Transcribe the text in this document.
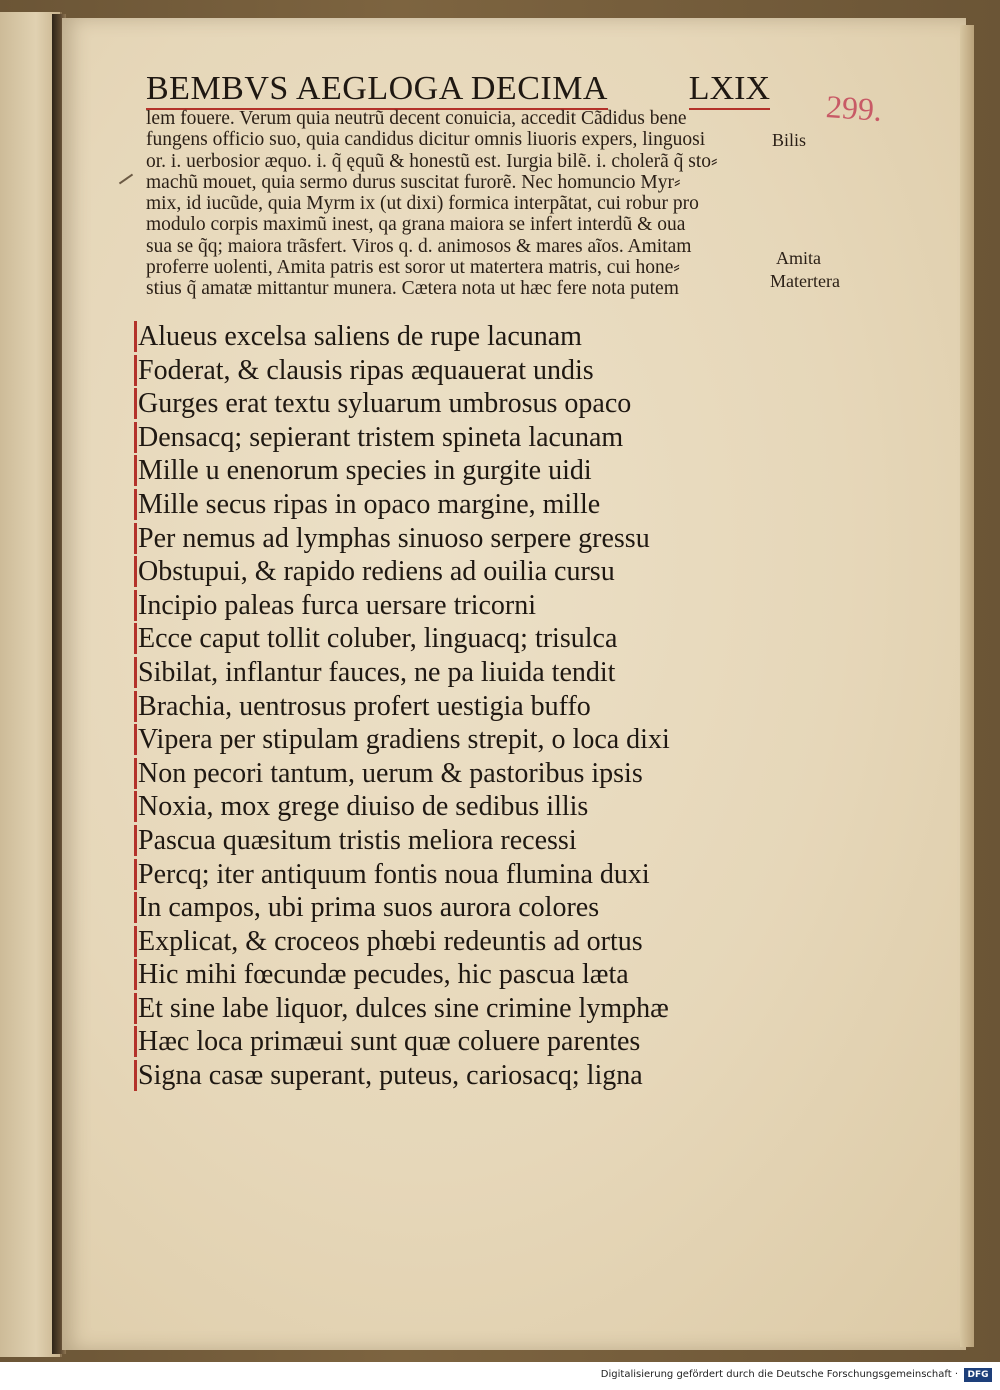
BEMBVS AEGLOGA DECIMA LXIX 299.
lem fouere. Verum quia neutrũ decent conuicia, accedit Cãdidus bene
fungens officio suo, quia candidus dicitur omnis liuoris expers, linguosi
or. i. uerbosior æquo. i. q̃ ęquũ & honestũ est. Iurgia bilẽ. i. cholerã q̃ sto⸗
machũ mouet, quia sermo durus suscitat furorẽ. Nec homuncio Myr⸗
mix, id iucũde, quia Myrm ix (ut dixi) formica interpãtat, cui robur pro
modulo corpis maximũ inest, qa grana maiora se infert interdũ & oua
sua se q̃q; maiora trãsfert. Viros q. d. animosos & mares aĩos. Amitam
proferre uolenti, Amita patris est soror ut matertera matris, cui hone⸗
stius q̃ amatæ mittantur munera. Cætera nota ut hæc fere nota putem
Bilis
Amita
Matertera
Alueus excelsa saliens de rupe lacunam
Foderat, & clausis ripas æquauerat undis
Gurges erat textu syluarum umbrosus opaco
Densacq; sepierant tristem spineta lacunam
Mille u enenorum species in gurgite uidi
Mille secus ripas in opaco margine, mille
Per nemus ad lymphas sinuoso serpere gressu
Obstupui, & rapido rediens ad ouilia cursu
Incipio paleas furca uersare tricorni
Ecce caput tollit coluber, linguacq; trisulca
Sibilat, inflantur fauces, ne pa liuida tendit
Brachia, uentrosus profert uestigia buffo
Vipera per stipulam gradiens strepit, o loca dixi
Non pecori tantum, uerum & pastoribus ipsis
Noxia, mox grege diuiso de sedibus illis
Pascua quæsitum tristis meliora recessi
Percq; iter antiquum fontis noua flumina duxi
In campos, ubi prima suos aurora colores
Explicat, & croceos phœbi redeuntis ad ortus
Hic mihi fœcundæ pecudes, hic pascua læta
Et sine labe liquor, dulces sine crimine lymphæ
Hæc loca primæui sunt quæ coluere parentes
Signa casæ superant, puteus, cariosacq; ligna
Digitalisierung gefördert durch die Deutsche Forschungsgemeinschaft ·	DFG
